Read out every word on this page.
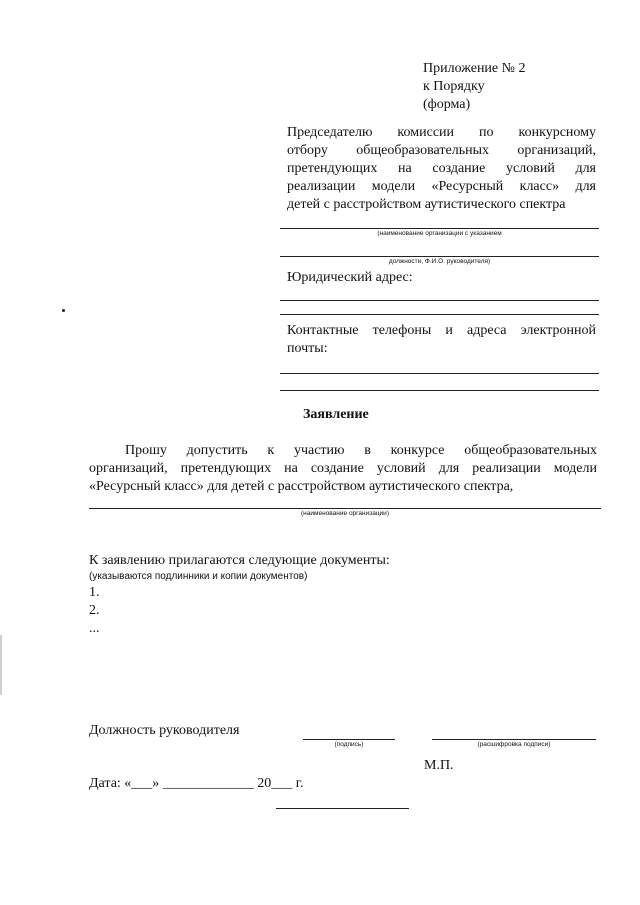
Приложение № 2
к Порядку
(форма)
Председателю комиссии по конкурсному
отбору общеобразовательных организаций,
претендующих на создание условий для
реализации модели «Ресурсный класс» для
детей с расстройством аутистического спектра
(наименование организации с указанием
должности, Ф.И.О. руководителя)
Юридический адрес:
Контактные телефоны и адреса электронной
почты:
Заявление
Прошу допустить к участию в конкурсе общеобразовательных
организаций, претендующих на создание условий для реализации модели
«Ресурсный класс» для детей с расстройством аутистического спектра,
(наименование организации)
К заявлению прилагаются следующие документы:
(указываются подлинники и копии документов)
1.
2.
...
Должность руководителя
(подпись)	(расшифровка подписи)
М.П.
Дата: «___» _____________ 20___ г.
